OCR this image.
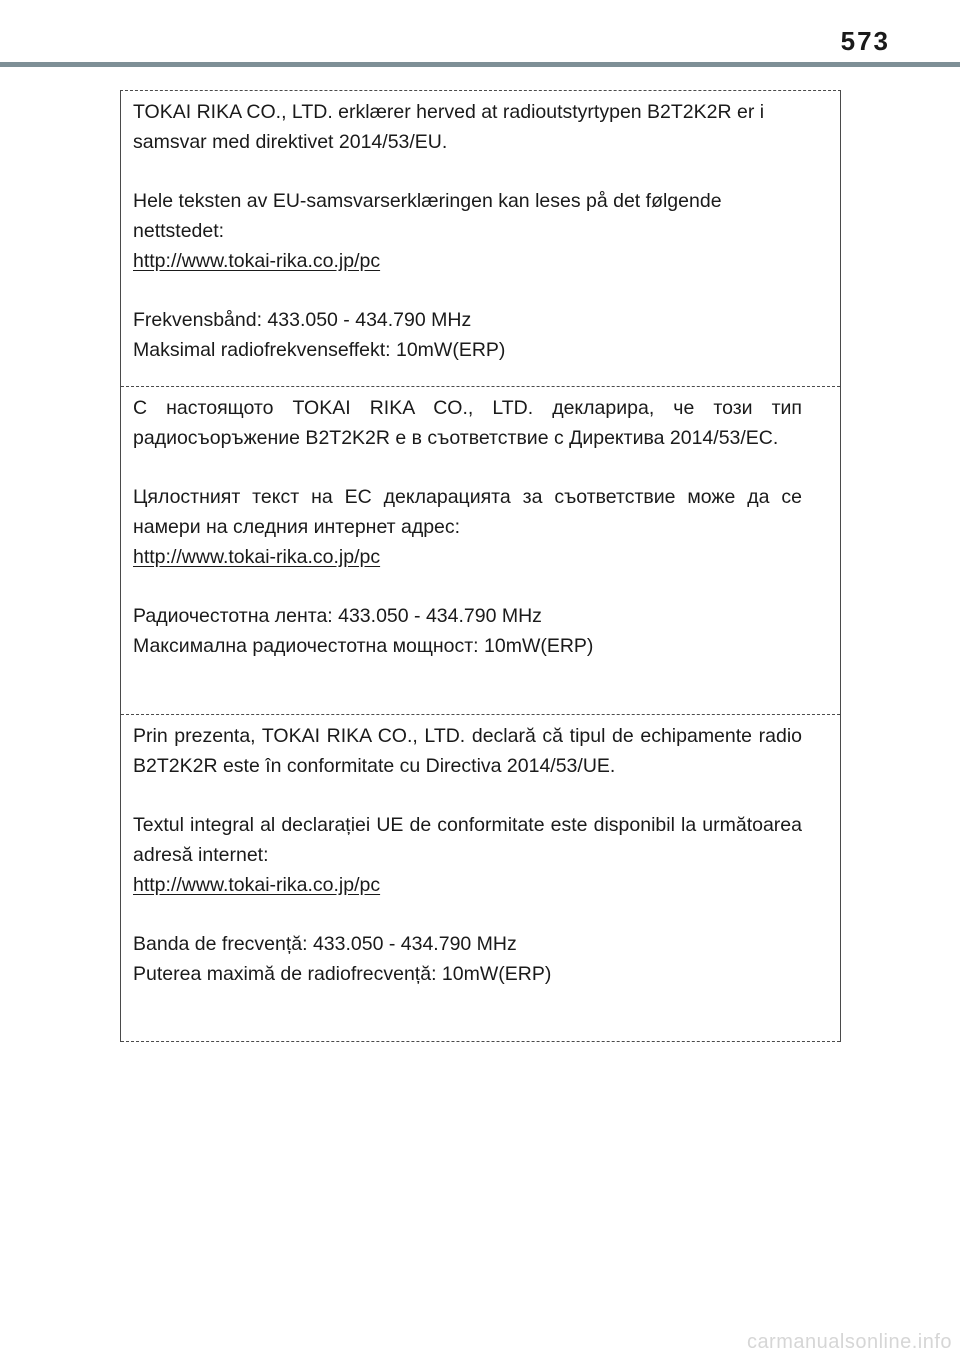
573

TOKAI RIKA CO., LTD. erklærer herved at radioutstyrtypen B2T2K2R er i samsvar med direktivet 2014/53/EU.

Hele teksten av EU-samsvarserklæringen kan leses på det følgende nettstedet:

http://www.tokai-rika.co.jp/pc

Frekvensbånd: 433.050 - 434.790 MHz

Maksimal radiofrekvenseffekt: 10mW(ERP)

С настоящото TOKAI RIKA CO., LTD. декларира, че този тип радиосъоръжение B2T2K2R е в съответствие с Директива 2014/53/ЕС.

Цялостният текст на ЕС декларацията за съответствие може да се намери на следния интернет адрес:

http://www.tokai-rika.co.jp/pc

Радиочестотна лента: 433.050 - 434.790 MHz

Максимална радиочестотна мощност: 10mW(ERP)

Prin prezenta, TOKAI RIKA CO., LTD. declară că tipul de echipamente radio B2T2K2R este în conformitate cu Directiva 2014/53/UE.

Textul integral al declarației UE de conformitate este disponibil la următoarea adresă internet:

http://www.tokai-rika.co.jp/pc

Banda de frecvență: 433.050 - 434.790 MHz

Puterea maximă de radiofrecvență: 10mW(ERP)

carmanualsonline.info
